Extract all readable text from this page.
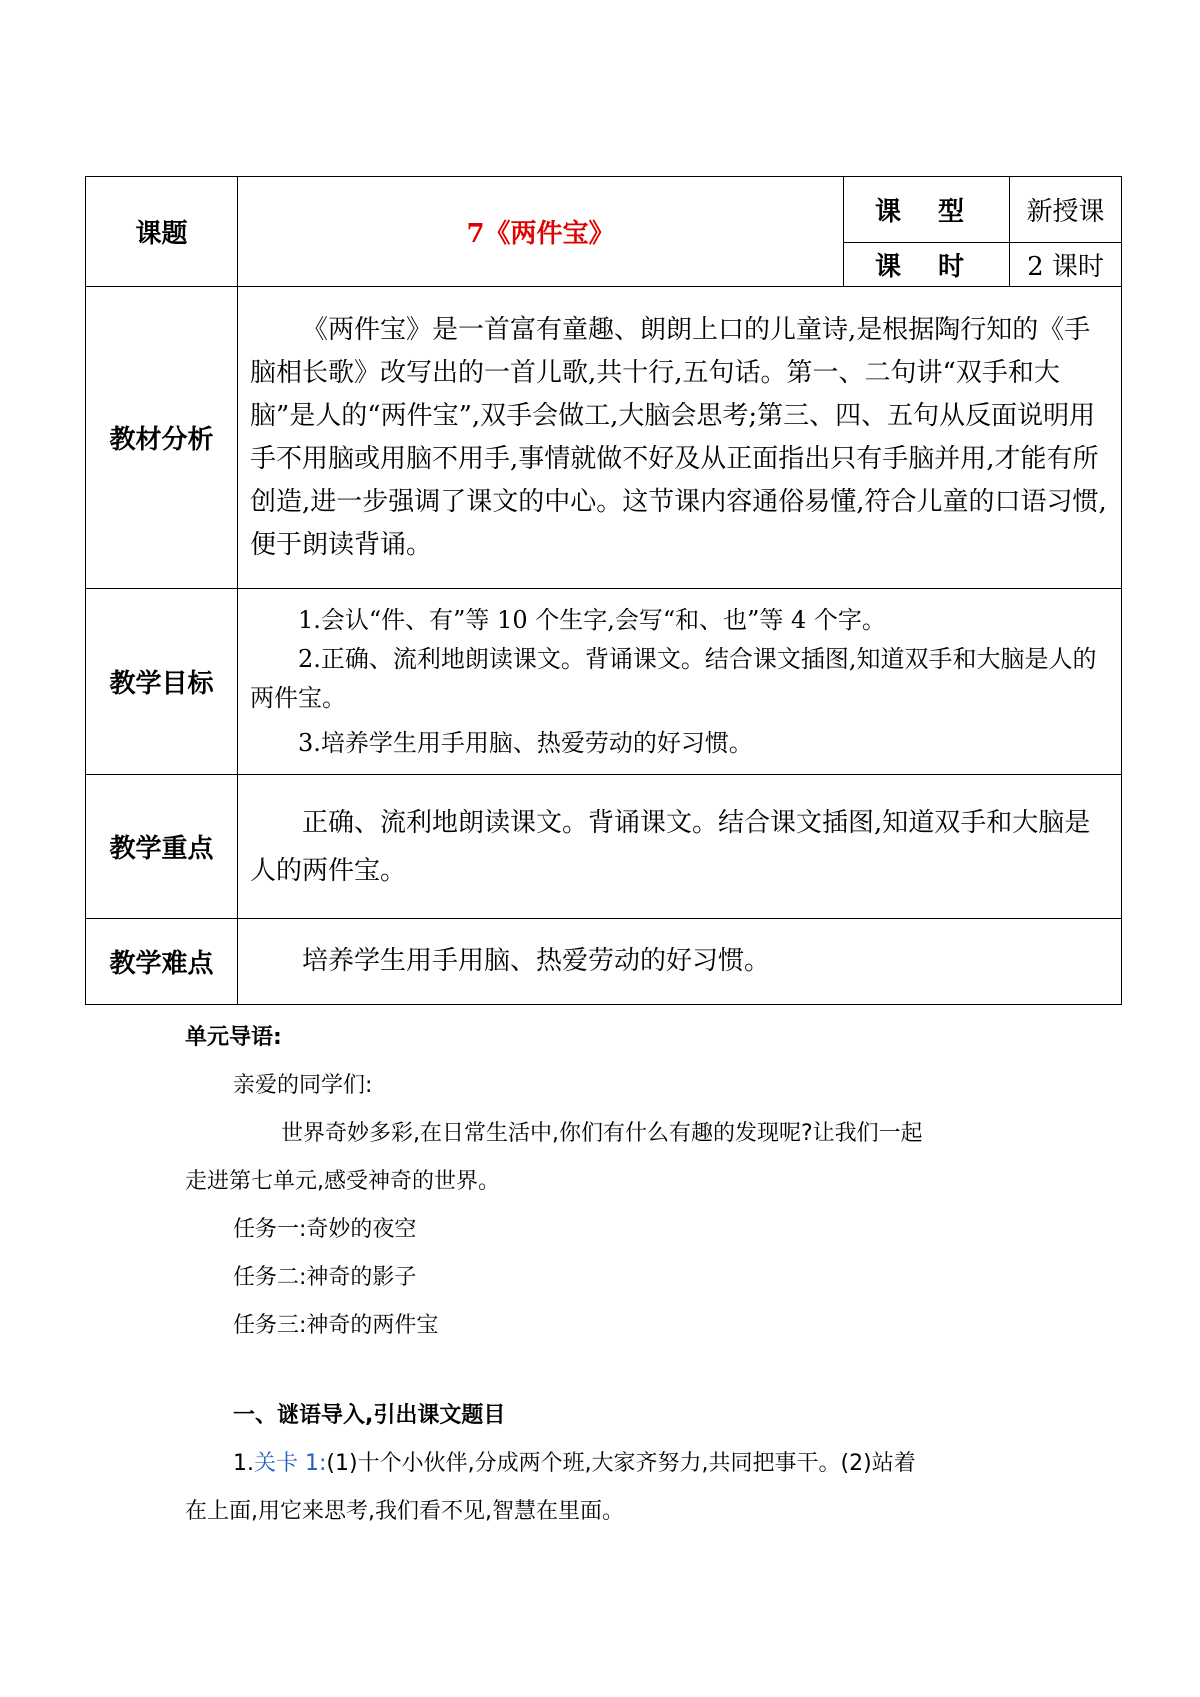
课题	7《两件宝》	课 型	新授课
		课 时	2 课时
教材分析	《两件宝》是一首富有童趣、朗朗上口的儿童诗,是根据陶行知的《手脑相长歌》改写出的一首儿歌,共十行,五句话。第一、二句讲“双手和大脑”是人的“两件宝”,双手会做工,大脑会思考;第三、四、五句从反面说明用手不用脑或用脑不用手,事情就做不好及从正面指出只有手脑并用,才能有所创造,进一步强调了课文的中心。这节课内容通俗易懂,符合儿童的口语习惯,便于朗读背诵。		

教学目标	1.会认“件、有”等 10 个生字,会写“和、也”等 4 个字。

2.正确、流利地朗读课文。背诵课文。结合课文插图,知道双手和大脑是人的两件宝。

3.培养学生用手用脑、热爱劳动的好习惯。		

教学重点	正确、流利地朗读课文。背诵课文。结合课文插图,知道双手和大脑是人的两件宝。		

教学难点	培养学生用手用脑、热爱劳动的好习惯。		

单元导语:
亲爱的同学们:
世界奇妙多彩,在日常生活中,你们有什么有趣的发现呢?让我们一起
走进第七单元,感受神奇的世界。
任务一:奇妙的夜空
任务二:神奇的影子
任务三:神奇的两件宝
一、谜语导入,引出课文题目
1.关卡 1:(1)十个小伙伴,分成两个班,大家齐努力,共同把事干。(2)站着
在上面,用它来思考,我们看不见,智慧在里面。
